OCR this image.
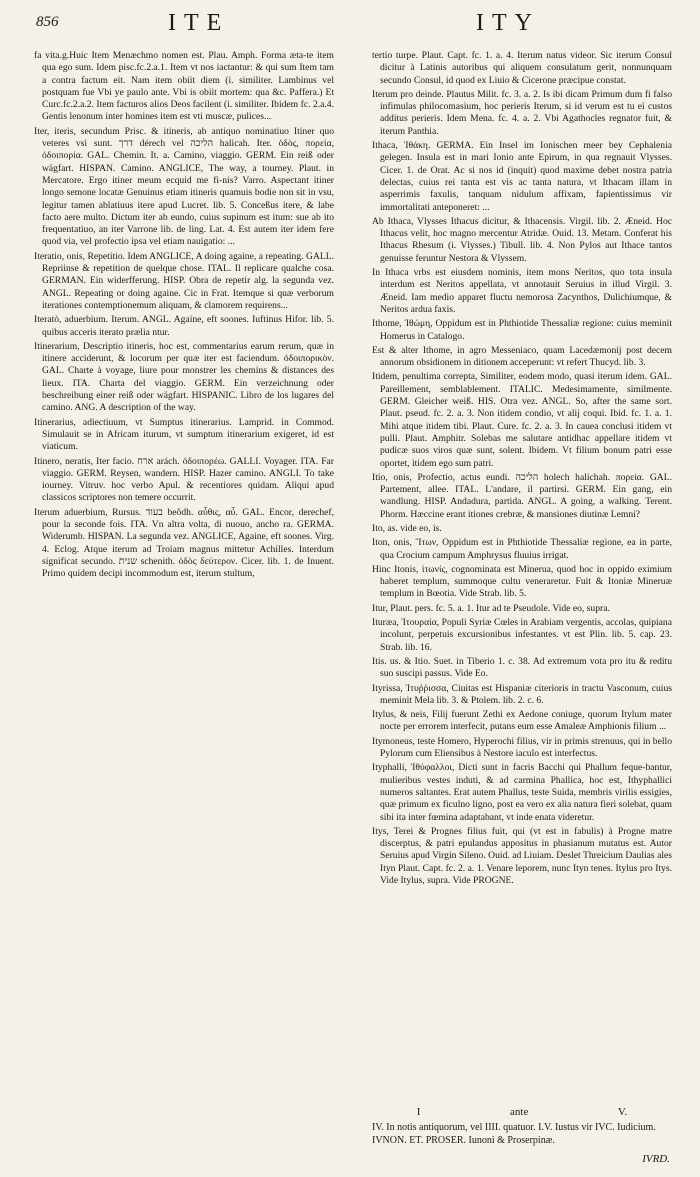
856	ITE	ITY

fa vita.g.Huic Item Menæchmo nomen est. Plau. Amph. Forma æta-te item qua ego sum. Idem pisc.fc.2.a.1. Item vt nos iactantur: & qui sum Item tam a contra factum eit. Nam item obiit diem (i. similiter. Lambinus vel postquam fue Vbi ye paulo ante. Vbi is obiit mortem: qua &c. Paffera.) Et Curc.fc.2.a.2. Item facturos alios Deos facilent (i. similiter. Ibidem fc. 2.a.4. Gentis lenonum inter homines item est vti muscæ, pulices...

Iter, iteris, secundum Prisc. & itineris, ab antiquo nominatiuo Itiner quo veteres vsi sunt. דרך dérech vel הליכה halicah. Iter. ὁδὸς, πορεία, ὁδοιπορία. GAL. Chemin. It. a. Camino, viaggio. GERM. Ein reiß oder wägfart. HISPAN. Camino. ANGLICE, The way, a tourney. Plaut. in Mercatore. Ergo itiner meum ecquid me fi-nis? Varro. Aspectant itiner longo semone locatæ Genuinus etiam itineris quamuis bodie non sit in vsu, legitur tamen ablatiuus itere apud Lucret. lib. 5. Conceßus itere, & labe facto aere multo. Dictum iter ab eundo, cuius supinum est itum: sue ab ito frequentatiuo, an iter Varrone lib. de ling. Lat. 4. Est autem iter idem fere quod via, vel profectio ipsa vel etiam nauigatio: ...

Iteratio, onis, Repetitio. Idem ANGLICE, A doing againe, a repeating. GALL. Repriinse & repetition de quelque chose. ITAL. Il replicare qualche cosa. GERMAN. Ein widerfferung. HISP. Obra de repetir alg. la segunda vez. ANGL. Repeating or doing againe. Cic in Frat. Itemque si quæ verborum iterationes contemptionemum aliquam, & clamorem requirens...

Iteratò, aduerbium. Iterum. ANGL. Againe, eft soones. Iuftinus Hifor. lib. 5. quibus acceris iterato prælia ntur.

Itinerarium, Descriptio itineris, hoc est, commentarius earum rerum, quæ in itinere acciderunt, & locorum per quæ iter est faciendum. ὁδοιπορικὸν. GAL. Charte à voyage, liure pour monstrer les chemins & distances des lieux. ITA. Charta del viaggio. GERM. Ein verzeichnung oder beschreibung einer reiß oder wägfart. HISPANIC. Libro de los lugares del camino. ANG. A description of the way.

Itinerarius, adiectiuum, vt Sumptus itinerarius. Lamprid. in Commod. Simulauit se in Africam iturum, vt sumptum itinerarium exigeret, id est viaticum.

Itinero, neratis, Iter facio. ארח arách. ὁδοιπορέω. GALLI. Voyager. ITA. Far viaggio. GERM. Reysen, wandern. HISP. Hazer camino. ANGLI. To take iourney. Vitruv. hoc verbo Apul. & recentiores quidam. Aliqui apud classicos scriptores non temere occurrit.

Iterum aduerbium, Rursus. בעוד beôdh. αὖθις, αὖ. GAL. Encor, derechef, pour la seconde fois. ITA. Vn altra volta, di nuouo, ancho ra. GERMA. Widerumb. HISPAN. La segunda vez. ANGLICE, Againe, eft soones. Virg. 4. Eclog. Atque iterum ad Troiam magnus mittetur Achilles. Interdum significat secundo. שנית schenith. ὁδὸς δεύτερον. Cicer. lib. 1. de Inuent. Primo quidem decipi incommodum est, iterum stultum,

tertio turpe. Plaut. Capt. fc. 1. a. 4. Iterum natus videor. Sic iterum Consul dicitur à Latinis autoribus qui aliquem consulatum gerit, nonnunquam secundo Consul, id quod ex Liuio & Cicerone præcipue constat.

Iterum pro deinde. Plautus Milit. fc. 3. a. 2. Is ibi dicam Primum dum fi falso infimulas philocomasium, hoc perieris Iterum, si id verum est tu ei custos additus perieris. Idem Mena. fc. 4. a. 2. Vbi Agathocles regnator fuit, & iterum Panthia.

Ithaca, Ἰθάκη. GERMA. Ein Insel im Ionischen meer bey Cephalenia gelegen. Insula est in mari Ionio ante Epirum, in qua regnauit Vlysses. Cicer. 1. de Orat. Ac si nos id (inquit) quod maxime debet nostra patria delectas, cuius rei tanta est vis ac tanta natura, vt Ithacam illam in asperrimis faxulis, tanquam nidulum affixam, fapientissimus vir immortalitati anteponeret: ...

Ab Ithaca, Vlysses Ithacus dicitur, & Ithacensis. Virgil. lib. 2. Æneid. Hoc Ithacus velit, hoc magno mercentur Atridæ. Ouid. 13. Metam. Conferat his Ithacus Rhesum (i. Vlysses.) Tibull. lib. 4. Non Pylos aut Ithace tantos genuisse feruntur Nestora & Vlyssem.

In Ithaca vrbs est eiusdem nominis, item mons Neritos, quo tota insula interdum est Neritos appellata, vt annotauit Seruius in illud Virgil. 3. Æneid. Iam medio apparet fluctu nemorosa Zacynthos, Dulichiumque, & Neritos ardua faxis.

Ithome, Ἰθώμη, Oppidum est in Phthiotide Thessaliæ regione: cuius meminit Homerus in Catalogo.

Est & alter Ithome, in agro Messeniaco, quam Lacedæmonij post decem annorum obsidionem in ditionem acceperunt: vt refert Thucyd. lib. 3.

Itidem, penultima correpta, Similiter, eodem modo, quasi iterum idem. GAL. Pareillement, semblablement. ITALIC. Medesimamente, similmente. GERM. Gleicher weiß. HIS. Otra vez. ANGL. So, after the same sort. Plaut. pseud. fc. 2. a. 3. Non itidem condio, vt alij coqui. Ibid. fc. 1. a. 1. Mihi atque itidem tibi. Plaut. Cure. fc. 2. a. 3. In cauea conclusi itidem vt pulli. Plaut. Amphitr. Solebas me salutare antidhac appellare itidem vt pudicæ suos viros quæ sunt, solent. Ibidem. Vt filium bonum patri esse oportet, itidem ego sum patri.

Itio, onis, Profectio, actus eundi. הליכה holech halichah. πορεία. GAL. Partement, allee. ITAL. L'andare, il partirsi. GERM. Ein gang, ein wandlung. HISP. Andadura, partida. ANGL. A going, a walking. Terent. Phorm. Hæccine erant itiones crebræ, & mansiones diutinæ Lemni?

Ito, as. vide eo, is.

Iton, onis, Ἴτων, Oppidum est in Phthiotide Thessaliæ regione, ea in parte, qua Crocium campum Amphrysus fluuius irrigat.

Hinc Itonis, ἰτωνίς, cognominata est Minerua, quod hoc in oppido eximium haberet templum, summoque cultu veneraretur. Fuit & Itoniæ Mineruæ templum in Bœotia. Vide Strab. lib. 5.

Itur, Plaut. pers. fc. 5. a. 1. Itur ad te Pseudole. Vide eo, supra.

Ituræa, Ἰτουραία, Populi Syriæ Cœles in Arabiam vergentis, accolas, quipiana incolunt, perpetuis excursionibus infestantes. vt est Plin. lib. 5. cap. 23. Strab. lib. 16.

Itis. us. & Itio. Suet. in Tiberio 1. c. 38. Ad extremum vota pro itu & reditu suo suscipi passus. Vide Eo.

Ityrissa, Ἰτυῤῥισσα, Ciuitas est Hispaniæ citerioris in tractu Vasconum, cuius meminit Mela lib. 3. & Ptolem. lib. 2. c. 6.

Itylus, & neis, Filij fuerunt Zethi ex Aedone coniuge, quorum Itylum mater nocte per errorem interfecit, putans eum esse Amaleæ Amphionis filium ...

Itymoneus, teste Homero, Hyperochi filius, vir in primis strenuus, qui in bello Pylorum cum Eliensibus à Nestore iaculo est interfectus.

Ityphalli, Ἰθύφαλλοι, Dicti sunt in facris Bacchi qui Phallum feque-bantur, mulieribus vestes induti, & ad carmina Phallica, hoc est, Ithyphallici numeros saltantes. Erat autem Phallus, teste Suida, membris virilis essigies, quæ primum ex ficulno ligno, post ea vero ex alia natura fieri solebat, quam sibi ita inter fœmina adaptabant, vt inde enata videretur.

Itys, Terei & Prognes filius fuit, qui (vt est in fabulis) à Progne matre discerptus, & patri epulandus appositus in phasianum mutatus est. Autor Seruius apud Virgin Sileno. Ouid. ad Liuiam. Deslet Threicium Daulias ales Ityn Plaut. Capt. fc. 2. a. 1. Venare leporem, nunc Ityn tenes. Itylus pro Itys. Vide Itylus, supra. Vide PROGNE.

I	ante	V.
IV. In notis antiquorum, vel IIII. quatuor. I.V. Iustus vir IVC. Iudicium. IVNON. ET. PROSER. Iunoni & Proserpinæ.
IVRD.
